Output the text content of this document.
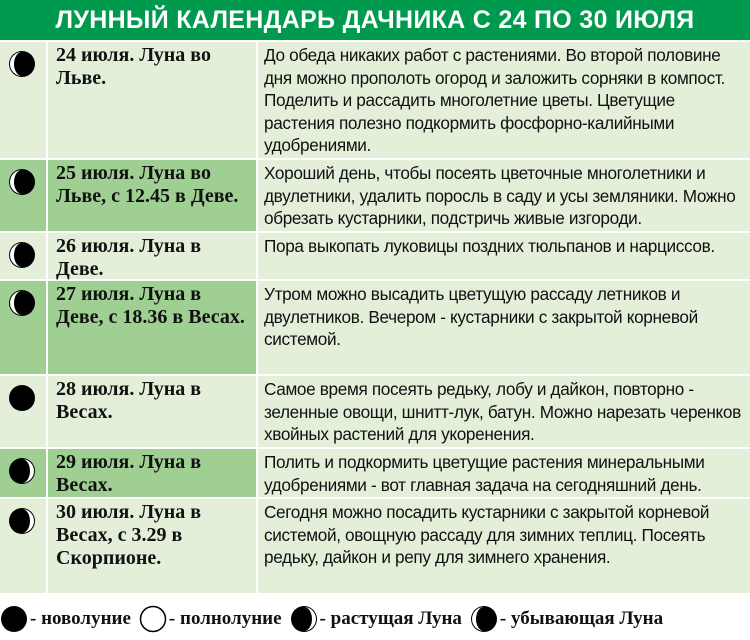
ЛУННЫЙ КАЛЕНДАРЬ ДАЧНИКА С 24 ПО 30 ИЮЛЯ
24 июля. Луна во Льве.
До обеда никаких работ с растениями. Во второй половине дня можно прополоть огород и заложить сорняки в компост. Поделить и рассадить многолетние цветы. Цветущие растения полезно подкормить фосфорно-калийными удобрениями.
25 июля. Луна во Льве, с 12.45 в Деве.
Хороший день, чтобы посеять цветочные многолетники и двулетники, удалить поросль в саду и усы земляники. Можно обрезать кустарники, подстричь живые изгороди.
26 июля. Луна в Деве.
Пора выкопать луковицы поздних тюльпанов и нарциссов.
27 июля. Луна в Деве, с 18.36 в Весах.
Утром можно высадить цветущую рассаду летников и двулетников. Вечером - кустарники с закрытой корневой системой.
28 июля. Луна в Весах.
Самое время посеять редьку, лобу и дайкон, повторно - зеленные овощи, шнитт-лук, батун. Можно нарезать черенков хвойных растений для укоренения.
29 июля. Луна в Весах.
Полить и подкормить цветущие растения минеральными удобрениями - вот главная задача на сегодняшний день.
30 июля. Луна в Весах, с 3.29 в Скорпионе.
Сегодня можно посадить кустарники с закрытой корневой системой, овощную рассаду для зимних теплиц. Посеять редьку, дайкон и репу для зимнего хранения.
- новолуние - полнолуние - растущая Луна - убывающая Луна
